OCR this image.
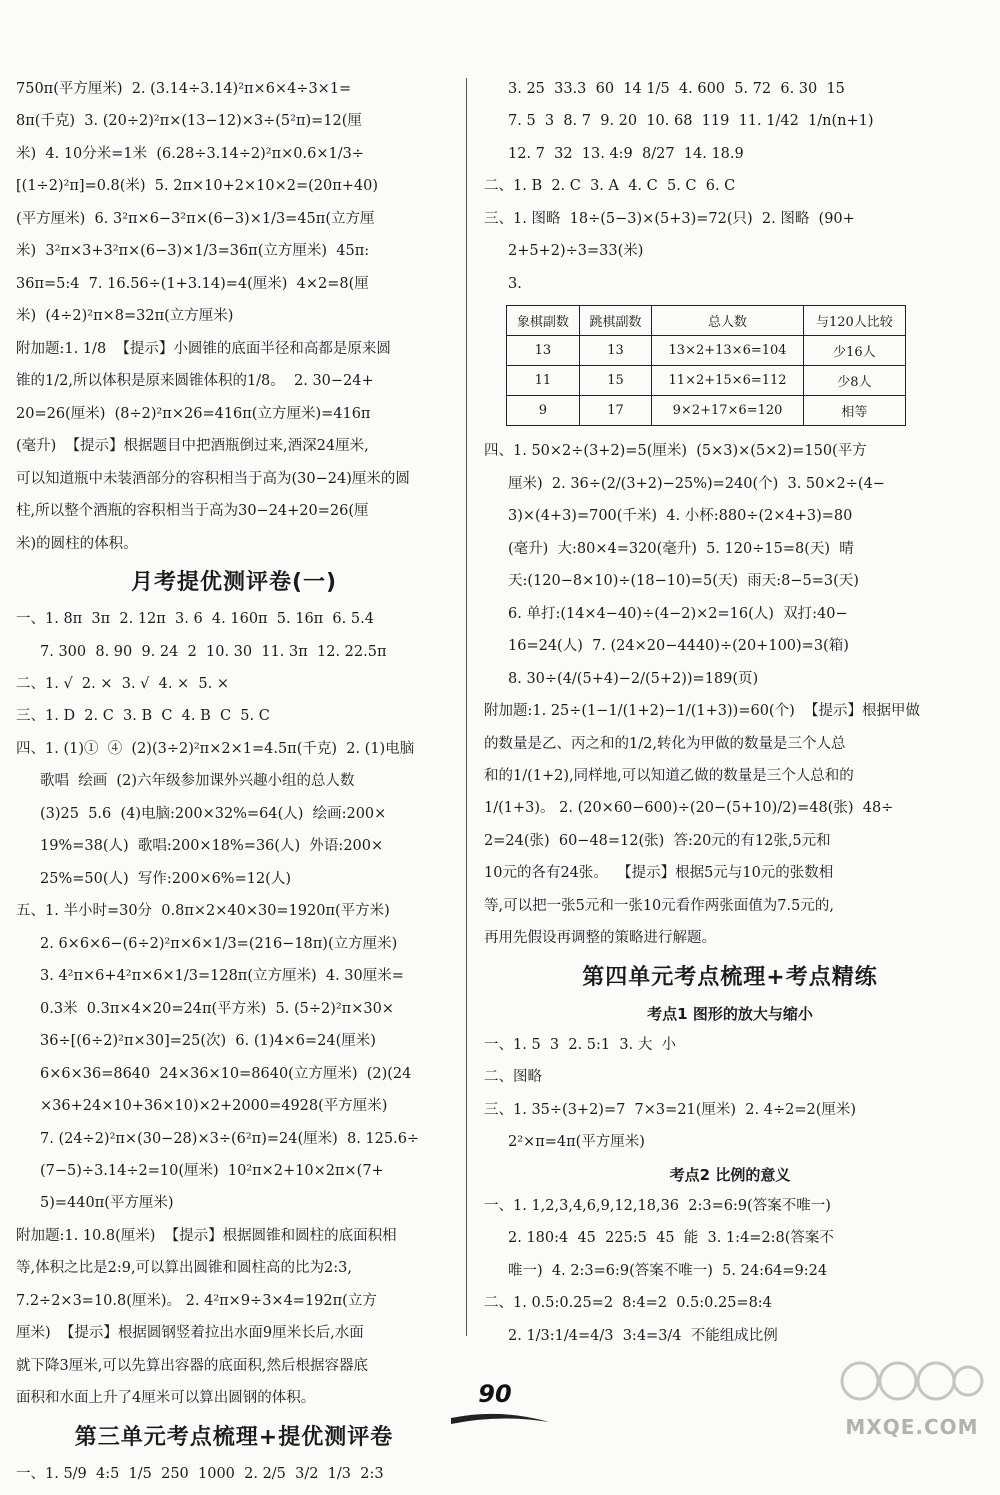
750π(平方厘米)  2. (3.14÷3.14)²π×6×4÷3×1=

8π(千克)  3. (20÷2)²π×(13−12)×3÷(5²π)=12(厘

米)  4. 10分米=1米  (6.28÷3.14÷2)²π×0.6×1/3÷

[(1÷2)²π]=0.8(米)  5. 2π×10+2×10×2=(20π+40)

(平方厘米)  6. 3²π×6−3²π×(6−3)×1/3=45π(立方厘

米)  3²π×3+3²π×(6−3)×1/3=36π(立方厘米)  45π:

36π=5:4  7. 16.56÷(1+3.14)=4(厘米)  4×2=8(厘

米)  (4÷2)²π×8=32π(立方厘米)

附加题:1. 1/8  【提示】小圆锥的底面半径和高都是原来圆

锥的1/2,所以体积是原来圆锥体积的1/8。  2. 30−24+

20=26(厘米)  (8÷2)²π×26=416π(立方厘米)=416π

(毫升)  【提示】根据题目中把酒瓶倒过来,酒深24厘米,

可以知道瓶中未装酒部分的容积相当于高为(30−24)厘米的圆

柱,所以整个酒瓶的容积相当于高为30−24+20=26(厘

米)的圆柱的体积。

月考提优测评卷(一)

一、1. 8π  3π  2. 12π  3. 6  4. 160π  5. 16π  6. 5.4

7. 300  8. 90  9. 24  2  10. 30  11. 3π  12. 22.5π

二、1. √  2. ×  3. √  4. ×  5. ×

三、1. D  2. C  3. B  C  4. B  C  5. C

四、1. (1)①  ④  (2)(3÷2)²π×2×1=4.5π(千克)  2. (1)电脑

歌唱  绘画  (2)六年级参加课外兴趣小组的总人数

(3)25  5.6  (4)电脑:200×32%=64(人)  绘画:200×

19%=38(人)  歌唱:200×18%=36(人)  外语:200×

25%=50(人)  写作:200×6%=12(人)

五、1. 半小时=30分  0.8π×2×40×30=1920π(平方米)

2. 6×6×6−(6÷2)²π×6×1/3=(216−18π)(立方厘米)

3. 4²π×6+4²π×6×1/3=128π(立方厘米)  4. 30厘米=

0.3米  0.3π×4×20=24π(平方米)  5. (5÷2)²π×30×

36÷[(6÷2)²π×30]=25(次)  6. (1)4×6=24(厘米)

6×6×36=8640  24×36×10=8640(立方厘米)  (2)(24

×36+24×10+36×10)×2+2000=4928(平方厘米)

7. (24÷2)²π×(30−28)×3÷(6²π)=24(厘米)  8. 125.6÷

(7−5)÷3.14÷2=10(厘米)  10²π×2+10×2π×(7+

5)=440π(平方厘米)

附加题:1. 10.8(厘米)  【提示】根据圆锥和圆柱的底面积相

等,体积之比是2:9,可以算出圆锥和圆柱高的比为2:3,

7.2÷2×3=10.8(厘米)。 2. 4²π×9÷3×4=192π(立方

厘米)  【提示】根据圆钢竖着拉出水面9厘米长后,水面

就下降3厘米,可以先算出容器的底面积,然后根据容器底

面积和水面上升了4厘米可以算出圆钢的体积。

第三单元考点梳理+提优测评卷

一、1. 5/9  4:5  1/5  250  1000  2. 2/5  3/2  1/3  2:3

3. 25  33.3  60  14 1/5  4. 600  5. 72  6. 30  15

7. 5  3  8. 7  9. 20  10. 68  119  11. 1/42  1/n(n+1)

12. 7  32  13. 4:9  8/27  14. 18.9

二、1. B  2. C  3. A  4. C  5. C  6. C

三、1. 图略  18÷(5−3)×(5+3)=72(只)  2. 图略  (90+

2+5+2)÷3=33(米)

3.

象棋副数	跳棋副数	总人数	与120人比较
13	13	13×2+13×6=104	少16人
11	15	11×2+15×6=112	少8人
9	17	9×2+17×6=120	相等

四、1. 50×2÷(3+2)=5(厘米)  (5×3)×(5×2)=150(平方

厘米)  2. 36÷(2/(3+2)−25%)=240(个)  3. 50×2÷(4−

3)×(4+3)=700(千米)  4. 小杯:880÷(2×4+3)=80

(毫升)  大:80×4=320(毫升)  5. 120÷15=8(天)  晴

天:(120−8×10)÷(18−10)=5(天)  雨天:8−5=3(天)

6. 单打:(14×4−40)÷(4−2)×2=16(人)  双打:40−

16=24(人)  7. (24×20−4440)÷(20+100)=3(箱)

8. 30÷(4/(5+4)−2/(5+2))=189(页)

附加题:1. 25÷(1−1/(1+2)−1/(1+3))=60(个)  【提示】根据甲做

的数量是乙、丙之和的1/2,转化为甲做的数量是三个人总

和的1/(1+2),同样地,可以知道乙做的数量是三个人总和的

1/(1+3)。 2. (20×60−600)÷(20−(5+10)/2)=48(张)  48÷

2=24(张)  60−48=12(张)  答:20元的有12张,5元和

10元的各有24张。  【提示】根据5元与10元的张数相

等,可以把一张5元和一张10元看作两张面值为7.5元的,

再用先假设再调整的策略进行解题。

第四单元考点梳理+考点精练
考点1 图形的放大与缩小

一、1. 5  3  2. 5:1  3. 大  小

二、图略

三、1. 35÷(3+2)=7  7×3=21(厘米)  2. 4÷2=2(厘米)

2²×π=4π(平方厘米)

考点2 比例的意义

一、1. 1,2,3,4,6,9,12,18,36  2:3=6:9(答案不唯一)

2. 180:4  45  225:5  45  能  3. 1:4=2:8(答案不

唯一)  4. 2:3=6:9(答案不唯一)  5. 24:64=9:24

二、1. 0.5:0.25=2  8:4=2  0.5:0.25=8:4

2. 1/3:1/4=4/3  3:4=3/4  不能组成比例

90
MXQE.COM
